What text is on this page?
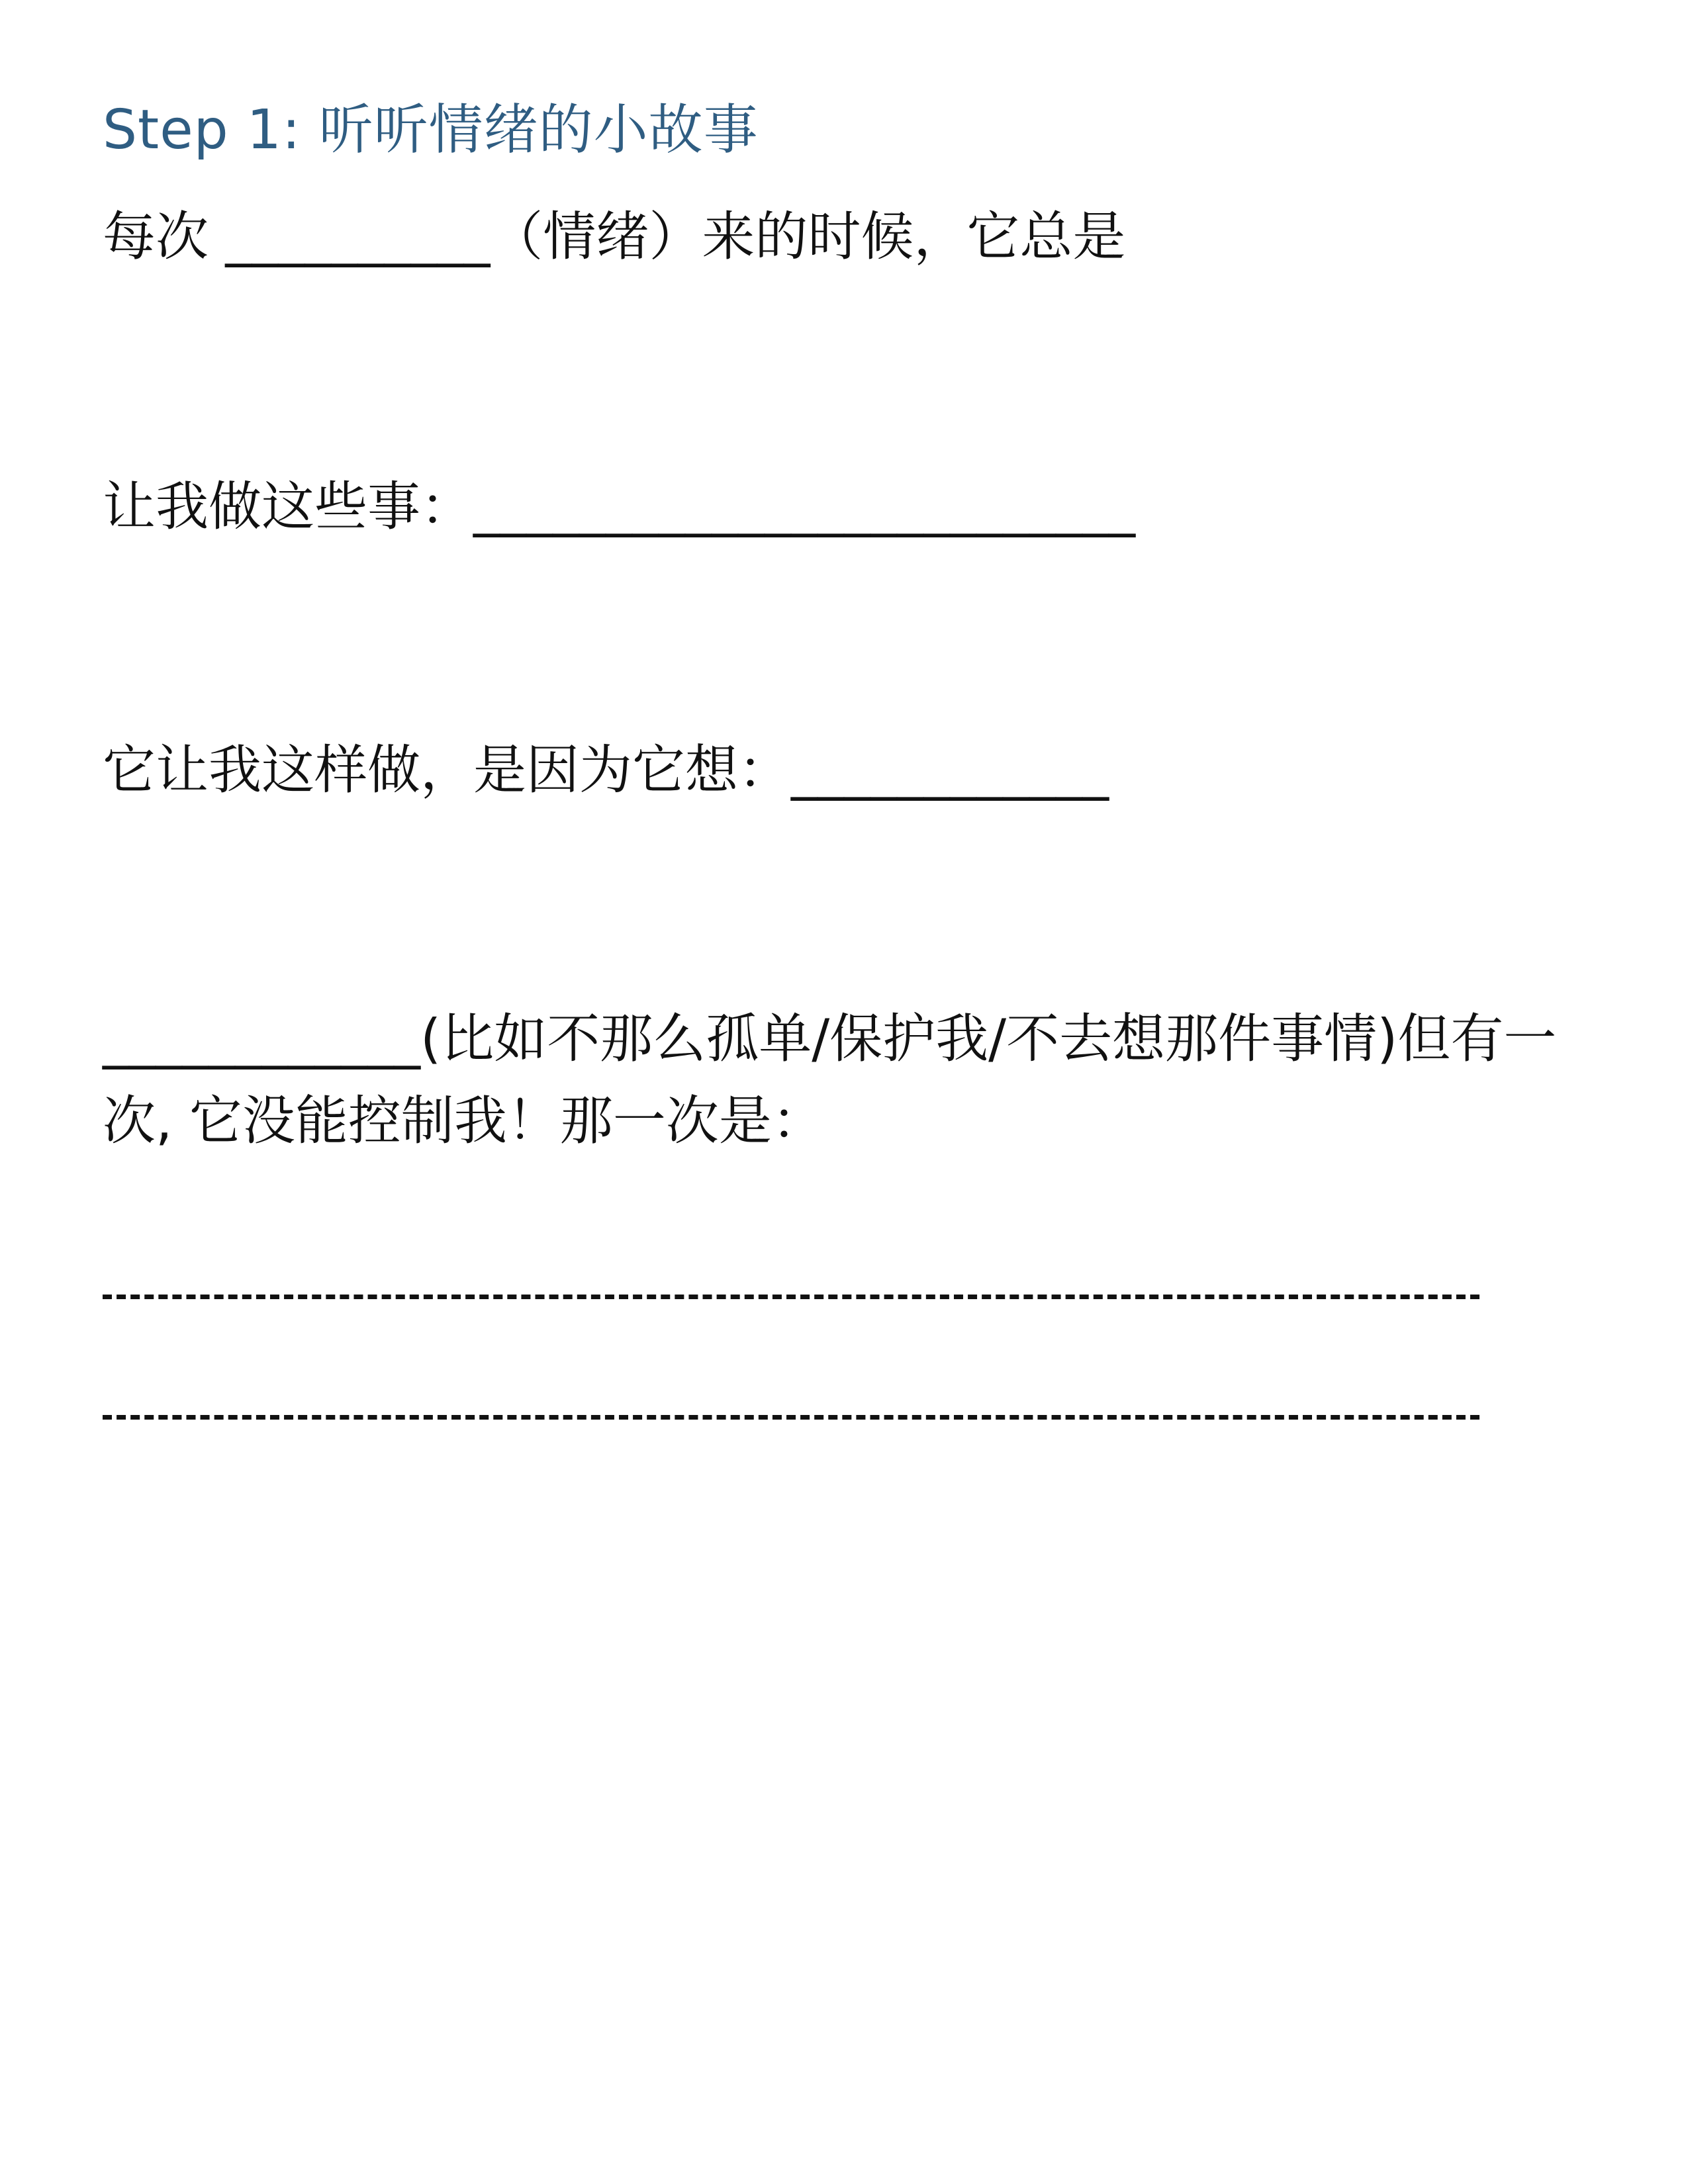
Step 1: 听听情绪的小故事

每次 __________（情绪）来的时候，它总是

让我做这些事：_________________________

它让我这样做，是因为它想：____________

____________(比如不那么孤单/保护我/不去想那件事情)但有一次, 它没能控制我！那一次是：
